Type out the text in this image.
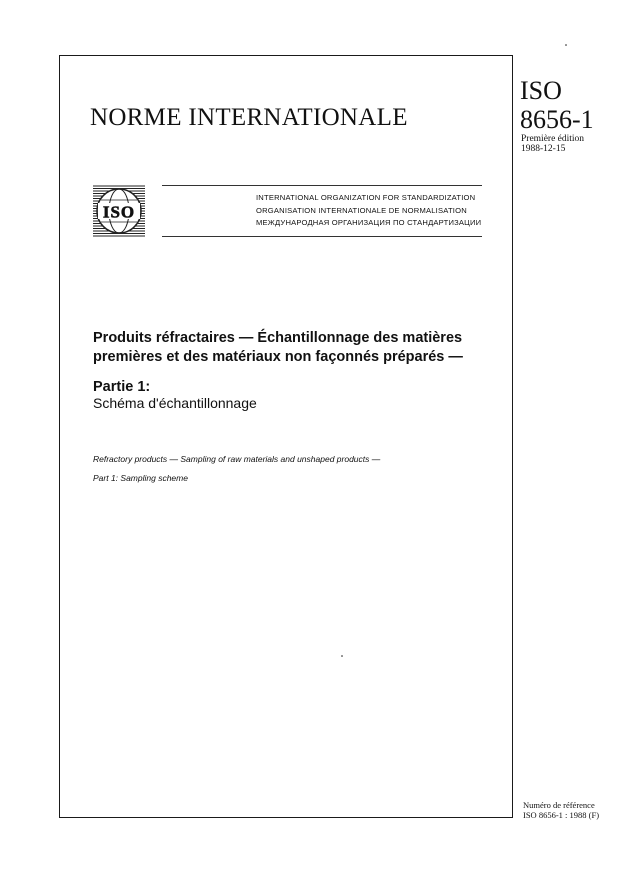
NORME INTERNATIONALE
ISO
8656-1
Première édition
1988-12-15
ISO
INTERNATIONAL ORGANIZATION FOR STANDARDIZATION
ORGANISATION INTERNATIONALE DE NORMALISATION
МЕЖДУНАРОДНАЯ ОРГАНИЗАЦИЯ ПО СТАНДАРТИЗАЦИИ
Produits réfractaires — Échantillonnage des matières
premières et des matériaux non façonnés préparés —
Partie 1:
Schéma d'échantillonnage
Refractory products — Sampling of raw materials and unshaped products —
Part 1: Sampling scheme
Numéro de référence
ISO 8656-1 : 1988 (F)
